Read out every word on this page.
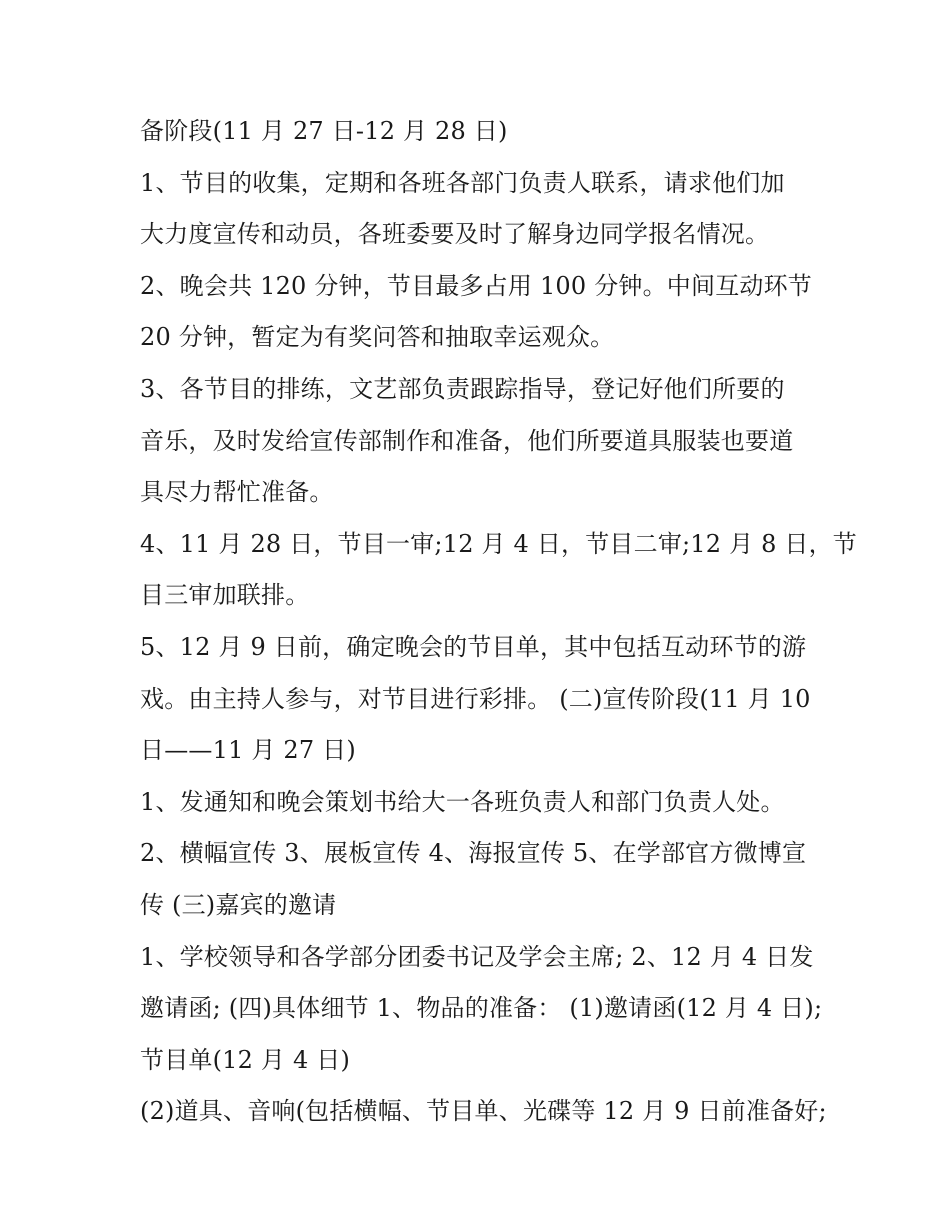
备阶段(11 月 27 日-12 月 28 日)
1、节目的收集，定期和各班各部门负责人联系，请求他们加
大力度宣传和动员，各班委要及时了解身边同学报名情况。
2、晚会共 120 分钟，节目最多占用 100 分钟。中间互动环节
20 分钟，暂定为有奖问答和抽取幸运观众。
3、各节目的排练，文艺部负责跟踪指导，登记好他们所要的
音乐，及时发给宣传部制作和准备，他们所要道具服装也要道
具尽力帮忙准备。
4、11 月 28 日，节目一审;12 月 4 日，节目二审;12 月 8 日，节
目三审加联排。
5、12 月 9 日前，确定晚会的节目单，其中包括互动环节的游
戏。由主持人参与，对节目进行彩排。 (二)宣传阶段(11 月 10
日——11 月 27 日)
1、发通知和晚会策划书给大一各班负责人和部门负责人处。
2、横幅宣传 3、展板宣传 4、海报宣传 5、在学部官方微博宣
传 (三)嘉宾的邀请
1、学校领导和各学部分团委书记及学会主席; 2、12 月 4 日发
邀请函; (四)具体细节 1、物品的准备： (1)邀请函(12 月 4 日);
节目单(12 月 4 日)
(2)道具、音响(包括横幅、节目单、光碟等 12 月 9 日前准备好;
